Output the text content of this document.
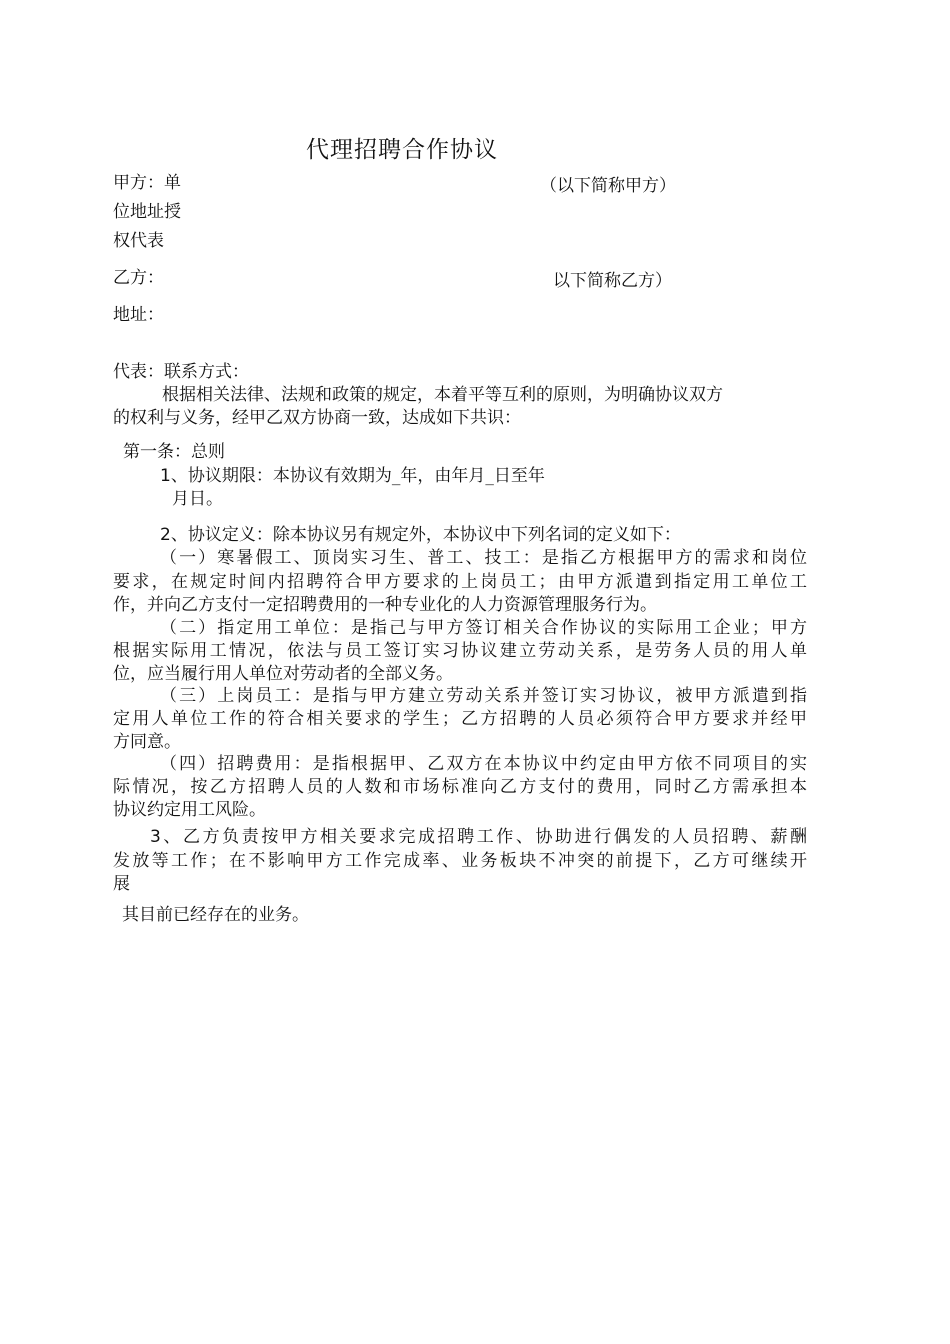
代理招聘合作协议
甲方：单	（以下简称甲方）
位地址授
权代表
乙方：	以下简称乙方）
地址：
代表：联系方式：
根据相关法律、法规和政策的规定，本着平等互利的原则，为明确协议双方
的权利与义务，经甲乙双方协商一致，达成如下共识：
第一条：总则
1、协议期限：本协议有效期为_年，由年月_日至年
月日。
2、协议定义：除本协议另有规定外，本协议中下列名词的定义如下：
（一）寒暑假工、顶岗实习生、普工、技工：是指乙方根据甲方的需求和岗位
要求，在规定时间内招聘符合甲方要求的上岗员工；由甲方派遣到指定用工单位工
作，并向乙方支付一定招聘费用的一种专业化的人力资源管理服务行为。
（二）指定用工单位：是指己与甲方签订相关合作协议的实际用工企业；甲方
根据实际用工情况，依法与员工签订实习协议建立劳动关系，是劳务人员的用人单
位，应当履行用人单位对劳动者的全部义务。
（三）上岗员工：是指与甲方建立劳动关系并签订实习协议，被甲方派遣到指
定用人单位工作的符合相关要求的学生；乙方招聘的人员必须符合甲方要求并经甲
方同意。
（四）招聘费用：是指根据甲、乙双方在本协议中约定由甲方依不同项目的实
际情况，按乙方招聘人员的人数和市场标准向乙方支付的费用，同时乙方需承担本
协议约定用工风险。
3、乙方负责按甲方相关要求完成招聘工作、协助进行偶发的人员招聘、薪酬
发放等工作；在不影响甲方工作完成率、业务板块不冲突的前提下，乙方可继续开
展
其目前已经存在的业务。
